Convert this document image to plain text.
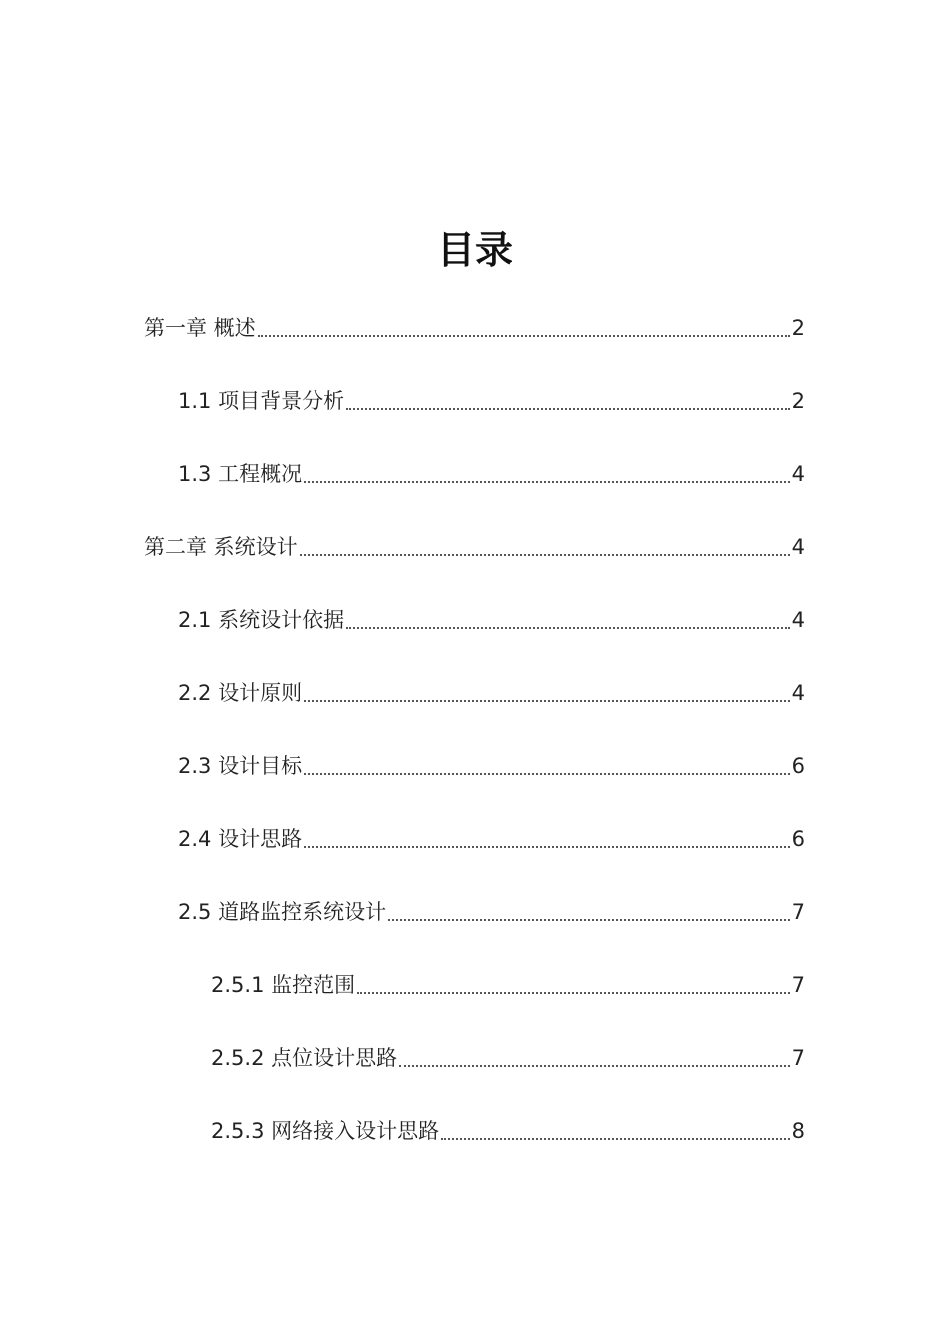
目录
第一章 概述	2
1.1 项目背景分析	2
1.3 工程概况	4
第二章 系统设计	4
2.1 系统设计依据	4
2.2 设计原则	4
2.3 设计目标	6
2.4 设计思路	6
2.5 道路监控系统设计	7
2.5.1 监控范围	7
2.5.2 点位设计思路	7
2.5.3 网络接入设计思路	8
